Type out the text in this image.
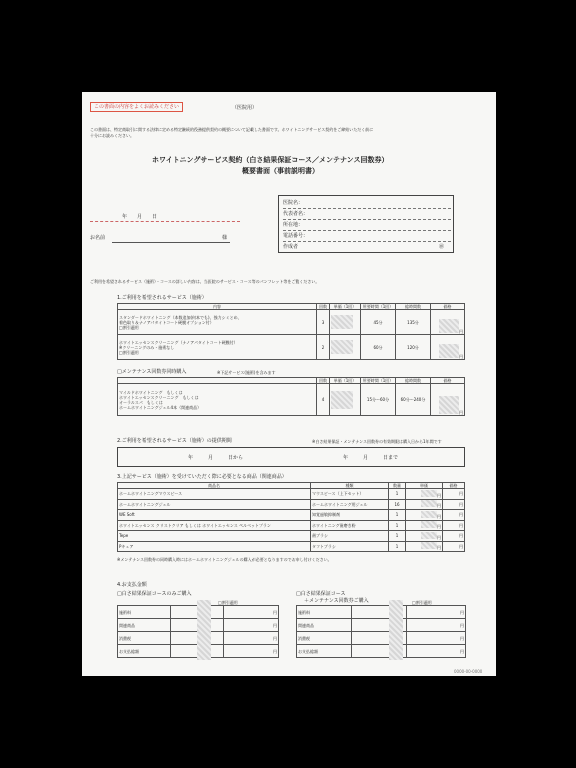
この書面の内容をよくお読みください	（医院用）
この書面は、特定商取引に関する法律に定める特定継続的役務提供契約の概要について記載した書面です。ホワイトニングサービス契約をご締結いただく前に
十分にお読みください。
ホワイトニングサービス契約（白さ結果保証コース／メンテナンス回数券）
概要書面（事前説明書）
医院名：
代表者名：
所在地：
電話番号：
作成者	㊞
年　　月　　日
お名前	様
ご利用を希望されるサービス（施術）・コースの詳しい内容は、当医院のサービス・コース等のパンフレット等をご覧ください。
1.ご利用を希望されるサービス（施術）
内容	回数	単価（1回）	所要時間（1回）	総時間数	価格

スタンダードホワイトニング（本数追加(何本でも)、強力シミとめ、
着色取り＆ナノアパタイトコート硬膜オプション付）
□割引適用	3		45分	135分	円

ホワイトエッセンスクリーニング（ナノアパタイトコート硬膜付）
※クリーニングのみ・施術なし
□割引適用	2		60分	120分	円
□メンテナンス回数券同時購入	※下記サービス(施術)を含みます
	回数	単価（1回）	所要時間（1回）	総時間数	価格

マイルドホワイトニング　もしくは
ホワイトエッセンスクリーニング　もしくは
オーラルスパ　もしくは
ホームホワイトニングジェル4本（関連商品）	4		15分〜60分	60分〜240分	円
2.ご利用を希望されるサービス（施術）の提供期間	※白さ結果保証・メンテナンス回数券の有効期限は購入日から1年間です
年　　　月　　　日から	年　　　月　　　日まで
3.上記サービス（施術）を受けていただく際に必要となる商品（関連商品）
商品名	種類	数量	単価	価格
ホームホワイトニングマウスピース	マウスピース（上下セット）	1	円	円
ホームホワイトニングジェル	ホームホワイトニング用ジェル	16	円	円
WE Soft	知覚過敏抑制剤	1	円	円
ホワイトエッセンス クリストクリア もしくは ホワイトエッセンス ペルベットプラン	ホワイトニング歯磨き粉	1	円	円
Tepe	歯ブラシ	1	円	円
Pキュア	タフトブラシ	1	円	円
※メンテナンス回数券の同時購入時にはホームホワイトニングジェルの購入が必要となりますのでお申し付けください。
4.お支払金額
□白さ結果保証コースのみご購入
□割引適用
施術料		円
関連商品		円
消費税		円
お支払総額		円
□白さ結果保証コース
＋メンテナンス回数券ご購入	□割引適用
施術料		円
関連商品		円
消費税		円
お支払総額		円
0000-00-0000
